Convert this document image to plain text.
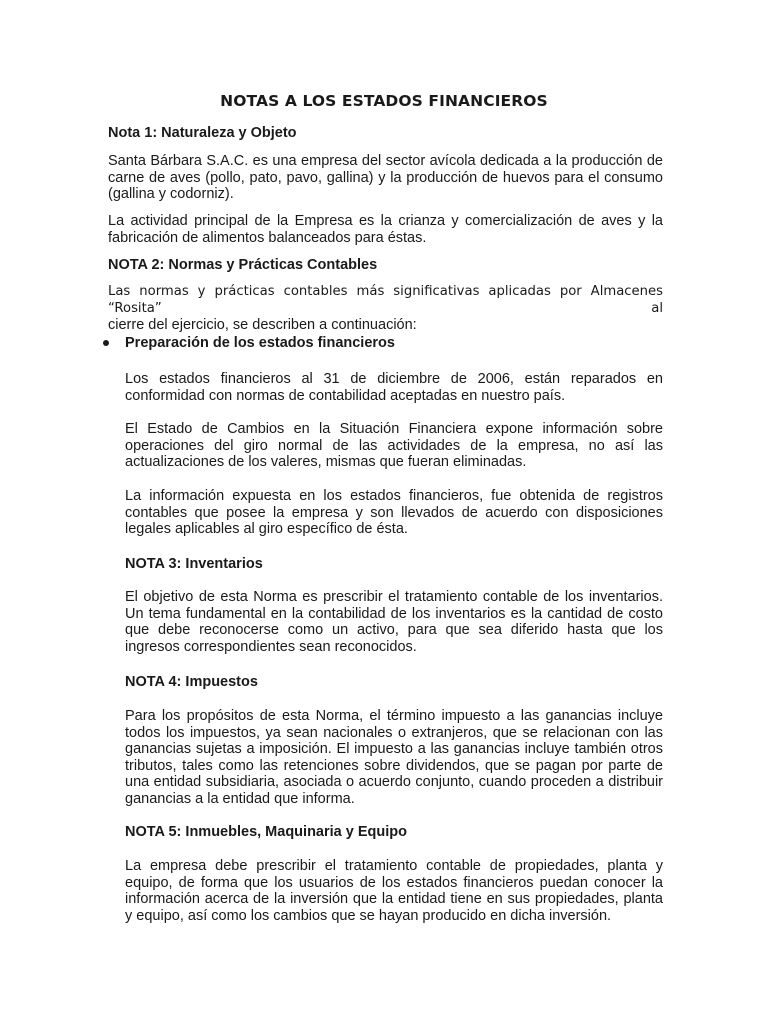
NOTAS A LOS ESTADOS FINANCIEROS
Nota 1: Naturaleza y Objeto
Santa Bárbara S.A.C. es una empresa del sector avícola dedicada a la producción de carne de aves (pollo, pato, pavo, gallina) y la producción de huevos para el consumo (gallina y codorniz).
La actividad principal de la Empresa es la crianza y comercialización de aves y la fabricación de alimentos balanceados para éstas.
NOTA 2: Normas y Prácticas Contables
Las normas y prácticas contables más significativas aplicadas por Almacenes “Rosita” al
cierre del ejercicio, se describen a continuación:
Preparación de los estados financieros
Los estados financieros al 31 de diciembre de 2006, están reparados en conformidad con normas de contabilidad aceptadas en nuestro país.
El Estado de Cambios en la Situación Financiera expone información sobre operaciones del giro normal de las actividades de la empresa, no así las actualizaciones de los valeres, mismas que fueran eliminadas.
La información expuesta en los estados financieros, fue obtenida de registros contables que posee la empresa y son llevados de acuerdo con disposiciones legales aplicables al giro específico de ésta.
NOTA 3: Inventarios
El objetivo de esta Norma es prescribir el tratamiento contable de los inventarios. Un tema fundamental en la contabilidad de los inventarios es la cantidad de costo que debe reconocerse como un activo, para que sea diferido hasta que los ingresos correspondientes sean reconocidos.
NOTA 4: Impuestos
Para los propósitos de esta Norma, el término impuesto a las ganancias incluye todos los impuestos, ya sean nacionales o extranjeros, que se relacionan con las ganancias sujetas a imposición. El impuesto a las ganancias incluye también otros tributos, tales como las retenciones sobre dividendos, que se pagan por parte de una entidad subsidiaria, asociada o acuerdo conjunto, cuando proceden a distribuir ganancias a la entidad que informa.
NOTA 5: Inmuebles, Maquinaria y Equipo
La empresa debe prescribir el tratamiento contable de propiedades, planta y equipo, de forma que los usuarios de los estados financieros puedan conocer la información acerca de la inversión que la entidad tiene en sus propiedades, planta y equipo, así como los cambios que se hayan producido en dicha inversión.
